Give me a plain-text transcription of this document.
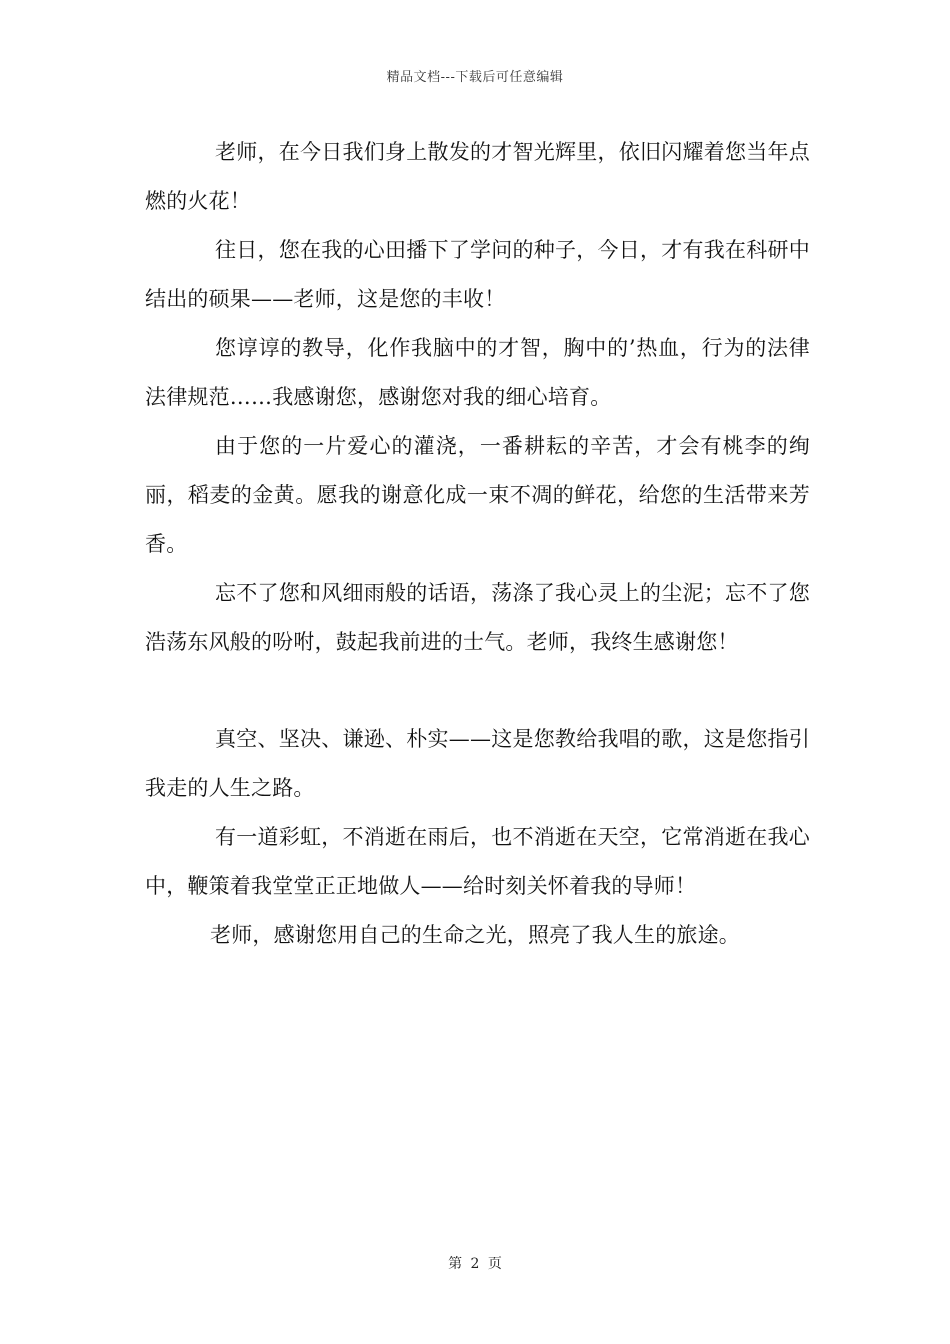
精品文档---下载后可任意编辑

老师，在今日我们身上散发的才智光辉里，依旧闪耀着您当年点燃的火花！

往日，您在我的心田播下了学问的种子，今日，才有我在科研中结出的硕果——老师，这是您的丰收！

您谆谆的教导，化作我脑中的才智，胸中的’热血，行为的法律法律规范……我感谢您，感谢您对我的细心培育。

由于您的一片爱心的灌浇，一番耕耘的辛苦，才会有桃李的绚丽，稻麦的金黄。愿我的谢意化成一束不凋的鲜花，给您的生活带来芳香。

忘不了您和风细雨般的话语，荡涤了我心灵上的尘泥；忘不了您浩荡东风般的吩咐，鼓起我前进的士气。老师，我终生感谢您！

真空、坚决、谦逊、朴实——这是您教给我唱的歌，这是您指引我走的人生之路。

有一道彩虹，不消逝在雨后，也不消逝在天空，它常消逝在我心中，鞭策着我堂堂正正地做人——给时刻关怀着我的导师！

老师，感谢您用自己的生命之光，照亮了我人生的旅途。

第 2 页
